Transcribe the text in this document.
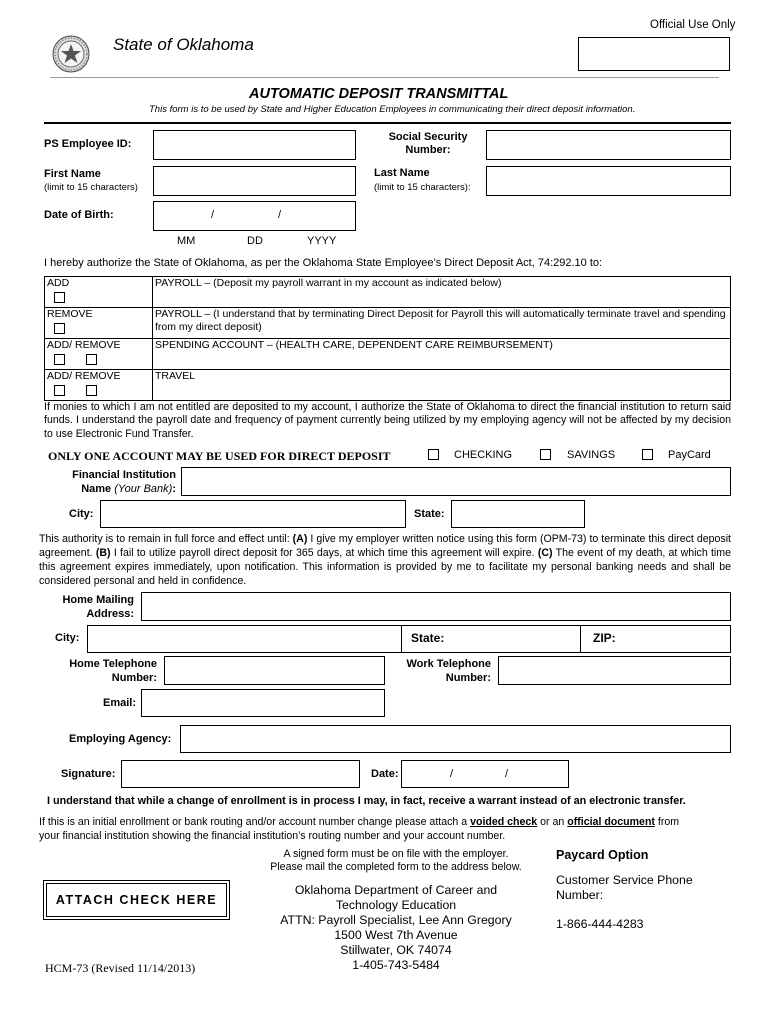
Official Use Only
State of Oklahoma
AUTOMATIC DEPOSIT TRANSMITTAL
This form is to be used by State and Higher Education Employees in communicating their direct deposit information.
PS Employee ID:
Social Security
Number:
First Name
(limit to 15 characters)
Last Name
(limit to 15 characters):
Date of Birth:	/	/
MM	DD	YYYY
I hereby authorize the State of Oklahoma, as per the Oklahoma State Employee’s Direct Deposit Act, 74:292.10 to:
ADD	PAYROLL – (Deposit my payroll warrant in my account as indicated below)

REMOVE	PAYROLL – (I understand that by terminating Direct Deposit for Payroll this will automatically terminate travel and spending from my direct deposit)

ADD/ REMOVE	SPENDING ACCOUNT – (HEALTH CARE, DEPENDENT CARE REIMBURSEMENT)

ADD/ REMOVE	TRAVEL
If monies to which I am not entitled are deposited to my account, I authorize the State of Oklahoma to direct the financial institution to return said funds. I understand the payroll date and frequency of payment currently being utilized by my employing agency will not be affected by my decision to use Electronic Fund Transfer.
ONLY ONE ACCOUNT MAY BE USED FOR DIRECT DEPOSIT	CHECKING	SAVINGS	PayCard
Financial Institution
Name (Your Bank):
City:	State:
This authority is to remain in full force and effect until: (A) I give my employer written notice using this form (OPM-73) to terminate this direct deposit agreement. (B) I fail to utilize payroll direct deposit for 365 days, at which time this agreement will expire. (C) The event of my death, at which time this agreement expires immediately, upon notification. This information is provided by me to facilitate my personal banking needs and shall be considered personal and held in confidence.
Home Mailing
Address:
City:	State:	ZIP:
Home Telephone
Number:
Work Telephone
Number:
Email:
Employing Agency:
Signature:	Date:	/	/
I understand that while a change of enrollment is in process I may, in fact, receive a warrant instead of an electronic transfer.
If this is an initial enrollment or bank routing and/or account number change please attach a voided check or an official document from
your financial institution showing the financial institution’s routing number and your account number.
ATTACH CHECK HERE
A signed form must be on file with the employer.
Please mail the completed form to the address below.
Oklahoma Department of Career and
Technology Education
ATTN: Payroll Specialist, Lee Ann Gregory
1500 West 7th Avenue
Stillwater, OK 74074
1-405-743-5484
Paycard Option
Customer Service Phone
Number:
1-866-444-4283
HCM-73 (Revised 11/14/2013)
